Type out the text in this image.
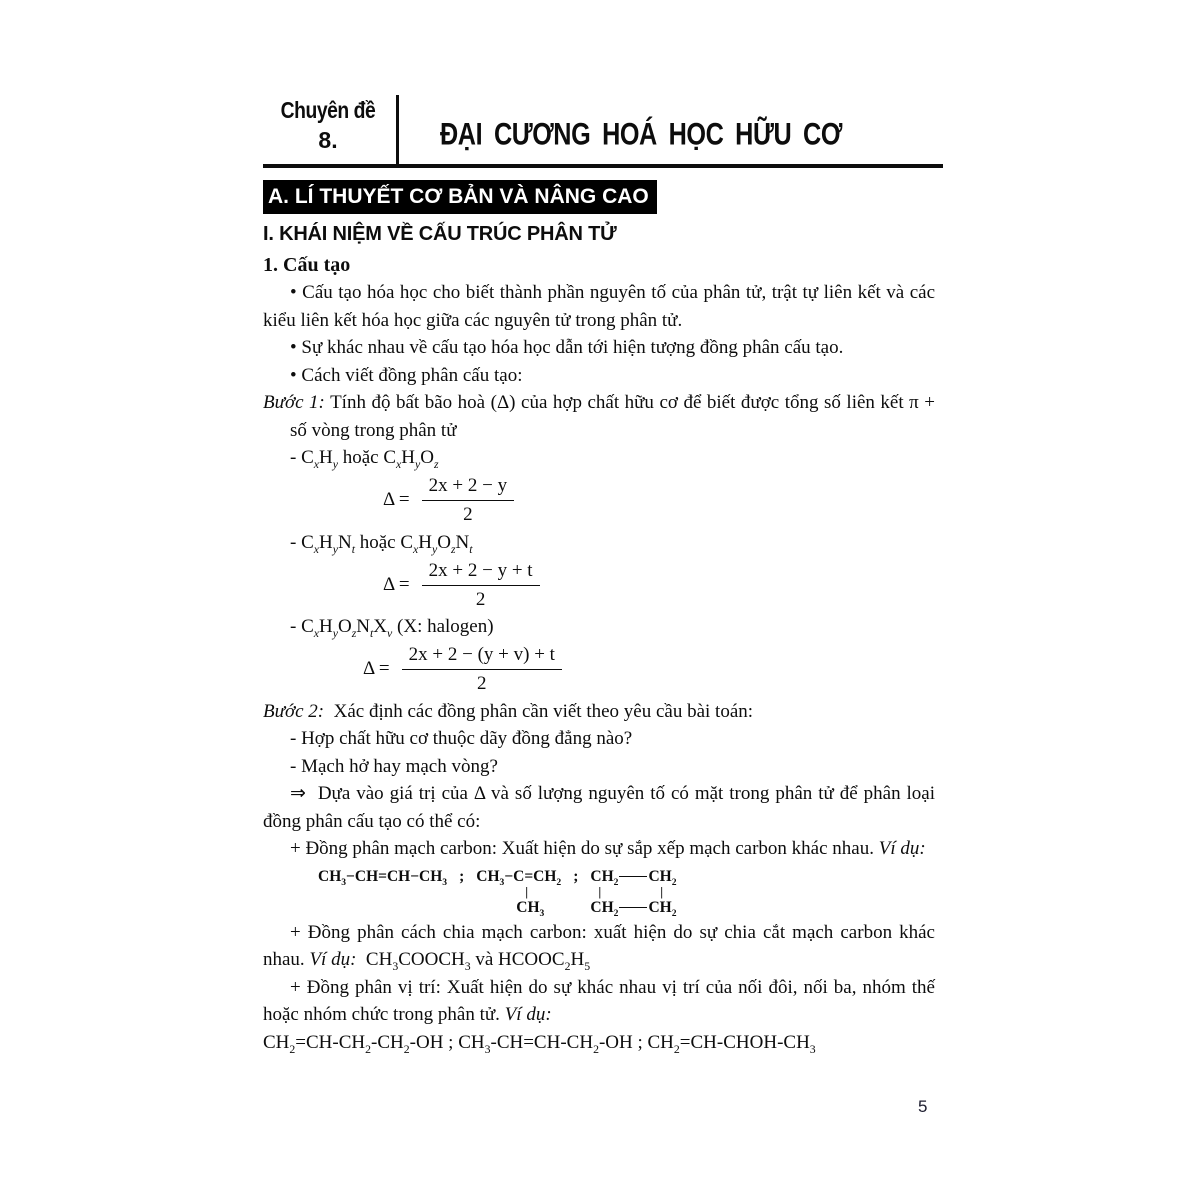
Chuyên đề
8.	ĐẠI CƯƠNG HOÁ HỌC HỮU CƠ
A. LÍ THUYẾT CƠ BẢN VÀ NÂNG CAO
I. KHÁI NIỆM VỀ CẤU TRÚC PHÂN TỬ
1. Cấu tạo

• Cấu tạo hóa học cho biết thành phần nguyên tố của phân tử, trật tự liên kết và các kiểu liên kết hóa học giữa các nguyên tử trong phân tử.

• Sự khác nhau về cấu tạo hóa học dẫn tới hiện tượng đồng phân cấu tạo.

• Cách viết đồng phân cấu tạo:

Bước 1: Tính độ bất bão hoà (Δ) của hợp chất hữu cơ để biết được tổng số liên kết π + số vòng trong phân tử

- $C_xH_y$ hoặc $C_xH_yO_z$

$\Delta = \frac{2x + 2 - y}{2}$

- $C_xH_yN_t$ hoặc $C_xH_yO_zN_t$

$\Delta = \frac{2x + 2 - y + t}{2}$

- $C_xH_yO_zN_tX_v$ (X: halogen)

$\Delta = \frac{2x + 2 - (y + v) + t}{2}$

Bước 2: Xác định các đồng phân cần viết theo yêu cầu bài toán:

- Hợp chất hữu cơ thuộc dãy đồng đẳng nào?

- Mạch hở hay mạch vòng?

⇒ Dựa vào giá trị của Δ và số lượng nguyên tố có mặt trong phân tử để phân loại đồng phân cấu tạo có thể có:

+ Đồng phân mạch carbon: Xuất hiện do sự sắp xếp mạch carbon khác nhau. Ví dụ:

$CH_3-CH=CH-CH_3$ ; $CH_3-C=CH_2$
|
$CH_3$
; $CH_2$ $CH_2$
|	|
$CH_2$ $CH_2$

+ Đồng phân cách chia mạch carbon: xuất hiện do sự chia cắt mạch carbon khác nhau. Ví dụ: $CH_3COOCH_3$ và $HCOOC_2H_5$

+ Đồng phân vị trí: Xuất hiện do sự khác nhau vị trí của nối đôi, nối ba, nhóm thế hoặc nhóm chức trong phân tử. Ví dụ:

$CH_2=CH-CH_2-CH_2-OH$ ; $CH_3-CH=CH-CH_2-OH$ ; $CH_2=CH-CHOH-CH_3$

5
